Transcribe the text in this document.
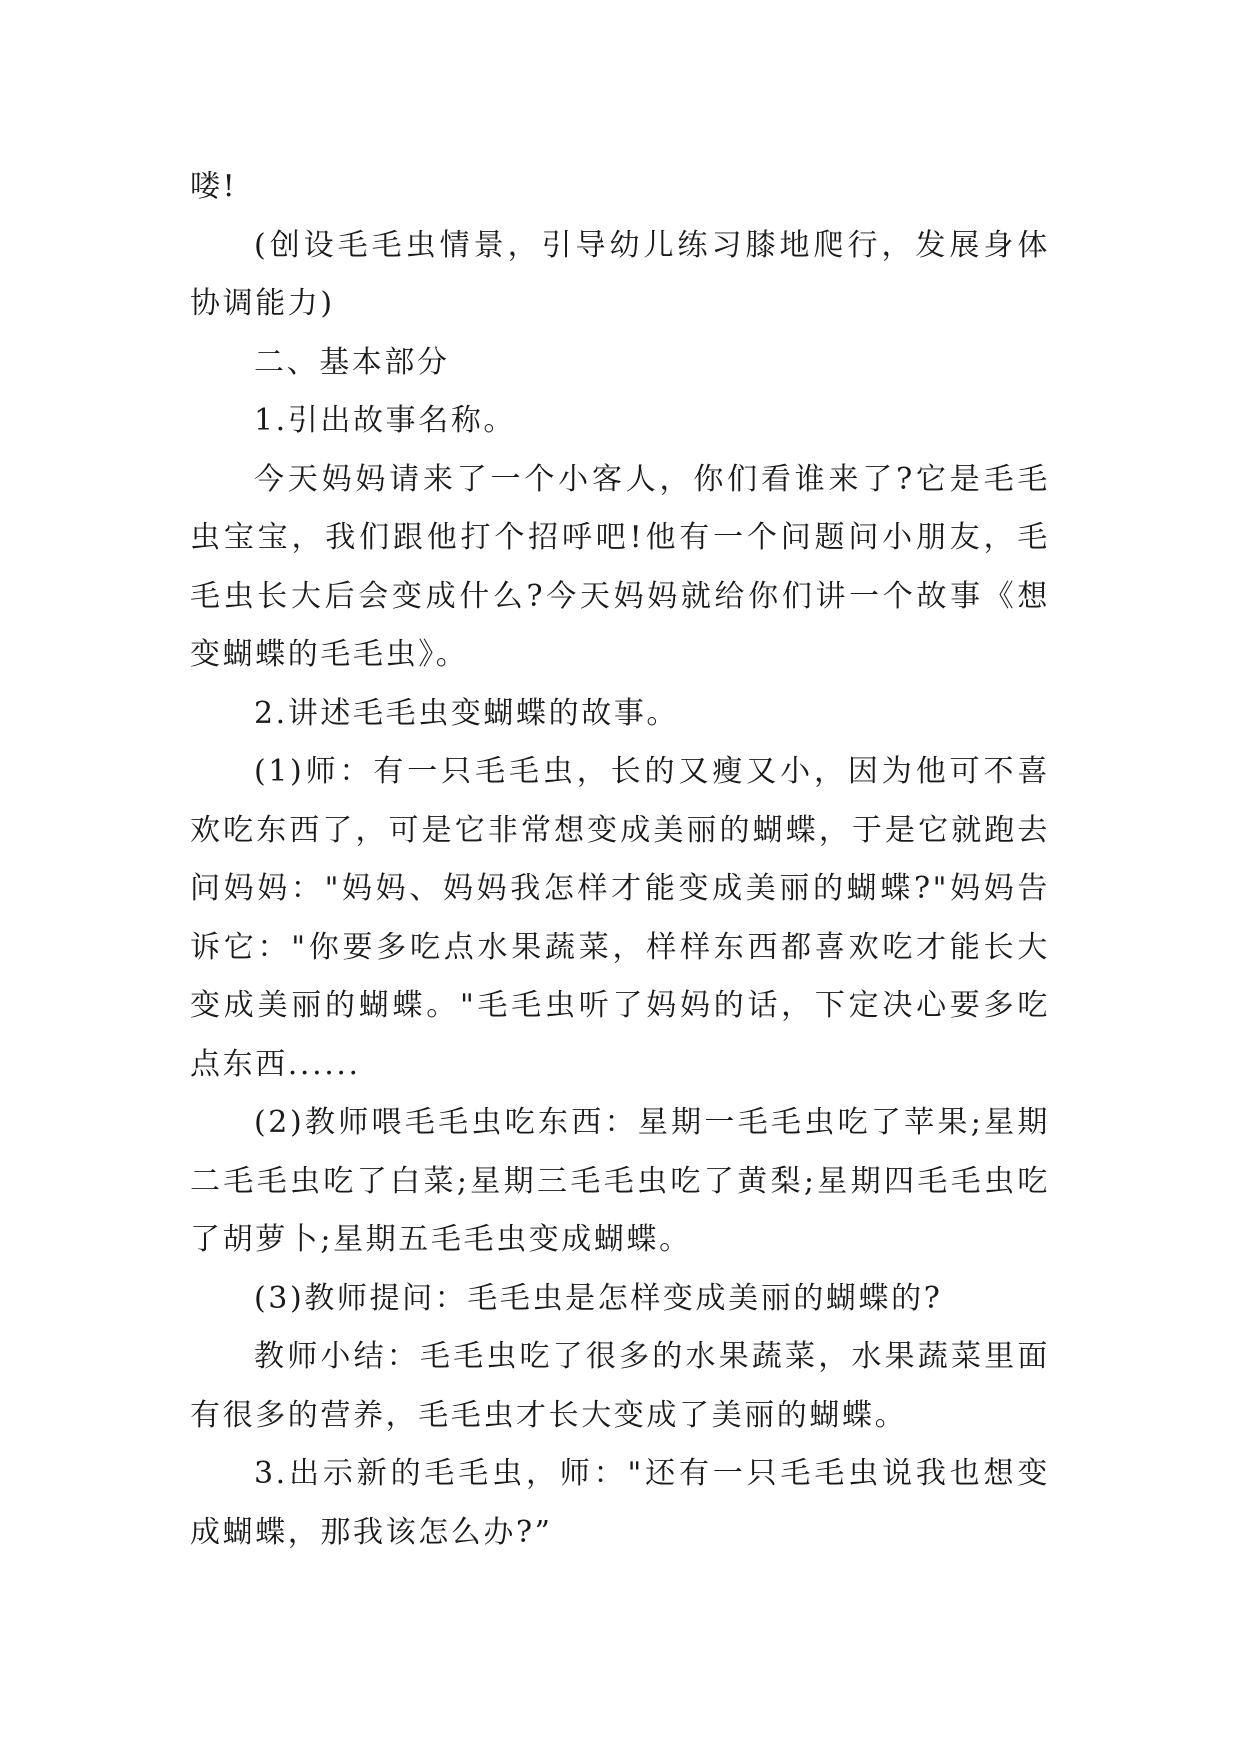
喽!

(创设毛毛虫情景，引导幼儿练习膝地爬行，发展身体协调能力)

二、基本部分

1.引出故事名称。

今天妈妈请来了一个小客人，你们看谁来了?它是毛毛虫宝宝，我们跟他打个招呼吧!他有一个问题问小朋友，毛毛虫长大后会变成什么?今天妈妈就给你们讲一个故事《想变蝴蝶的毛毛虫》。

2.讲述毛毛虫变蝴蝶的故事。

(1)师：有一只毛毛虫，长的又瘦又小，因为他可不喜欢吃东西了，可是它非常想变成美丽的蝴蝶，于是它就跑去问妈妈："妈妈、妈妈我怎样才能变成美丽的蝴蝶?"妈妈告诉它："你要多吃点水果蔬菜，样样东西都喜欢吃才能长大变成美丽的蝴蝶。"毛毛虫听了妈妈的话，下定决心要多吃点东西......

(2)教师喂毛毛虫吃东西：星期一毛毛虫吃了苹果;星期二毛毛虫吃了白菜;星期三毛毛虫吃了黄梨;星期四毛毛虫吃了胡萝卜;星期五毛毛虫变成蝴蝶。

(3)教师提问：毛毛虫是怎样变成美丽的蝴蝶的?

教师小结：毛毛虫吃了很多的水果蔬菜，水果蔬菜里面有很多的营养，毛毛虫才长大变成了美丽的蝴蝶。

3.出示新的毛毛虫，师："还有一只毛毛虫说我也想变成蝴蝶，那我该怎么办?”
